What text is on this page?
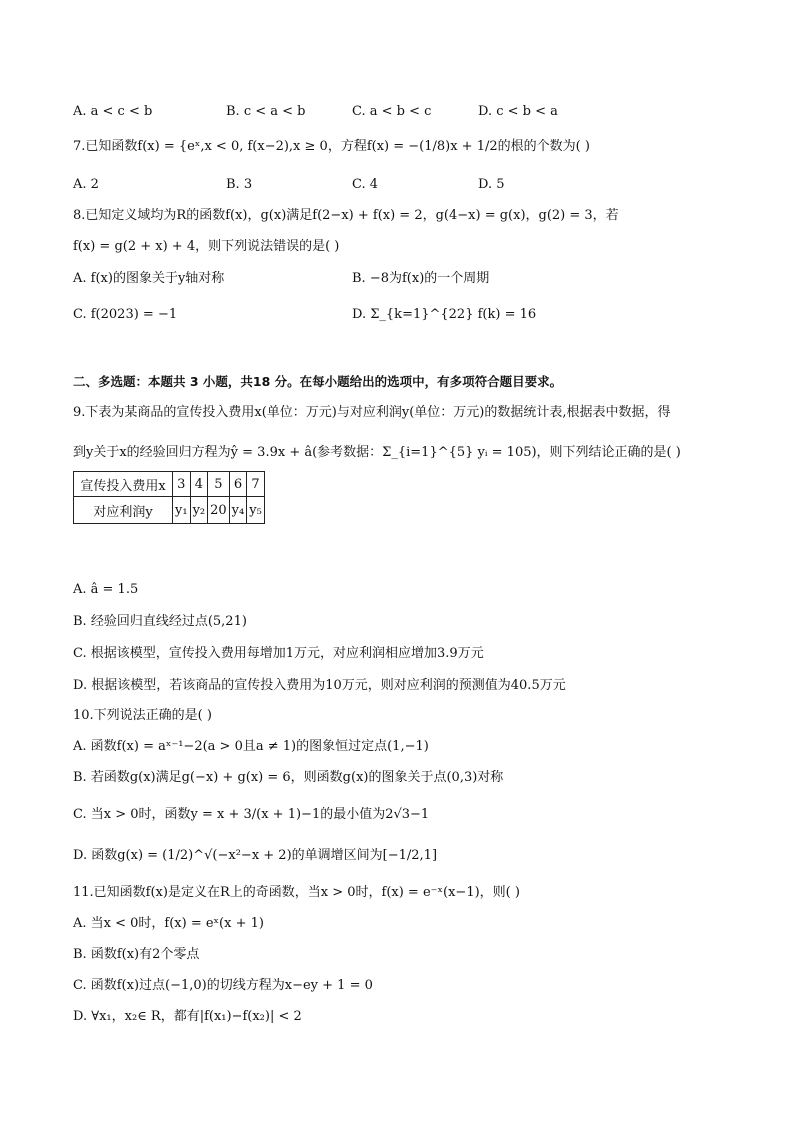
A. a < c < b	B. c < a < b	C. a < b < c	D. c < b < a
7.已知函数f(x) = {eˣ,x < 0, f(x−2),x ≥ 0，方程f(x) = −(1/8)x + 1/2的根的个数为( )
A. 2	B. 3	C. 4	D. 5
8.已知定义域均为R的函数f(x)，g(x)满足f(2−x) + f(x) = 2，g(4−x) = g(x)，g(2) = 3，若
f(x) = g(2 + x) + 4，则下列说法错误的是( )
A. f(x)的图象关于y轴对称	B. −8为f(x)的一个周期
C. f(2023) = −1	D. Σ_{k=1}^{22} f(k) = 16
二、多选题：本题共 3 小题，共18 分。在每小题给出的选项中，有多项符合题目要求。
9.下表为某商品的宣传投入费用x(单位：万元)与对应利润y(单位：万元)的数据统计表,根据表中数据，得
到y关于x的经验回归方程为ŷ = 3.9x + â(参考数据：Σ_{i=1}^{5} yᵢ = 105)，则下列结论正确的是( )
宣传投入费用x	3	4	5	6	7
对应利润y	y₁	y₂	20	y₄	y₅
A. â = 1.5
B. 经验回归直线经过点(5,21)
C. 根据该模型，宣传投入费用每增加1万元，对应利润相应增加3.9万元
D. 根据该模型，若该商品的宣传投入费用为10万元，则对应利润的预测值为40.5万元
10.下列说法正确的是( )
A. 函数f(x) = aˣ⁻¹−2(a > 0且a ≠ 1)的图象恒过定点(1,−1)
B. 若函数g(x)满足g(−x) + g(x) = 6，则函数g(x)的图象关于点(0,3)对称
C. 当x > 0时，函数y = x + 3/(x + 1)−1的最小值为2√3−1
D. 函数g(x) = (1/2)^√(−x²−x + 2)的单调增区间为[−1/2,1]
11.已知函数f(x)是定义在R上的奇函数，当x > 0时，f(x) = e⁻ˣ(x−1)，则( )
A. 当x < 0时，f(x) = eˣ(x + 1)
B. 函数f(x)有2个零点
C. 函数f(x)过点(−1,0)的切线方程为x−ey + 1 = 0
D. ∀x₁，x₂∈ R，都有|f(x₁)−f(x₂)| < 2
